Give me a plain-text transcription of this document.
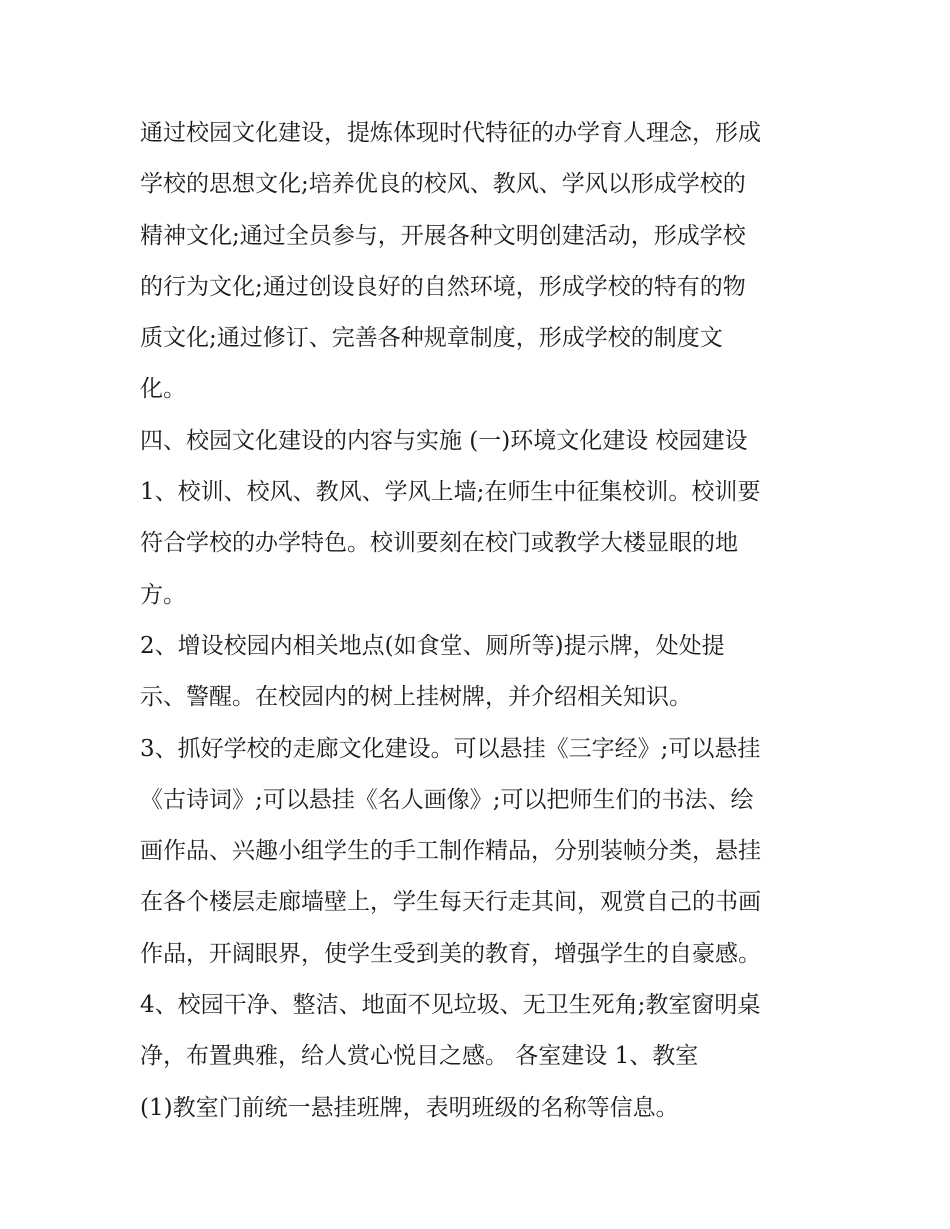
通过校园文化建设，提炼体现时代特征的办学育人理念，形成
学校的思想文化;培养优良的校风、教风、学风以形成学校的
精神文化;通过全员参与，开展各种文明创建活动，形成学校
的行为文化;通过创设良好的自然环境，形成学校的特有的物
质文化;通过修订、完善各种规章制度，形成学校的制度文
化。
四、校园文化建设的内容与实施 (一)环境文化建设 校园建设
1、校训、校风、教风、学风上墙;在师生中征集校训。校训要
符合学校的办学特色。校训要刻在校门或教学大楼显眼的地
方。
2、增设校园内相关地点(如食堂、厕所等)提示牌，处处提
示、警醒。在校园内的树上挂树牌，并介绍相关知识。
3、抓好学校的走廊文化建设。可以悬挂《三字经》;可以悬挂
《古诗词》;可以悬挂《名人画像》;可以把师生们的书法、绘
画作品、兴趣小组学生的手工制作精品，分别装帧分类，悬挂
在各个楼层走廊墙壁上，学生每天行走其间，观赏自己的书画
作品，开阔眼界，使学生受到美的教育，增强学生的自豪感。
4、校园干净、整洁、地面不见垃圾、无卫生死角;教室窗明桌
净，布置典雅，给人赏心悦目之感。 各室建设 1、教室
(1)教室门前统一悬挂班牌，表明班级的名称等信息。
